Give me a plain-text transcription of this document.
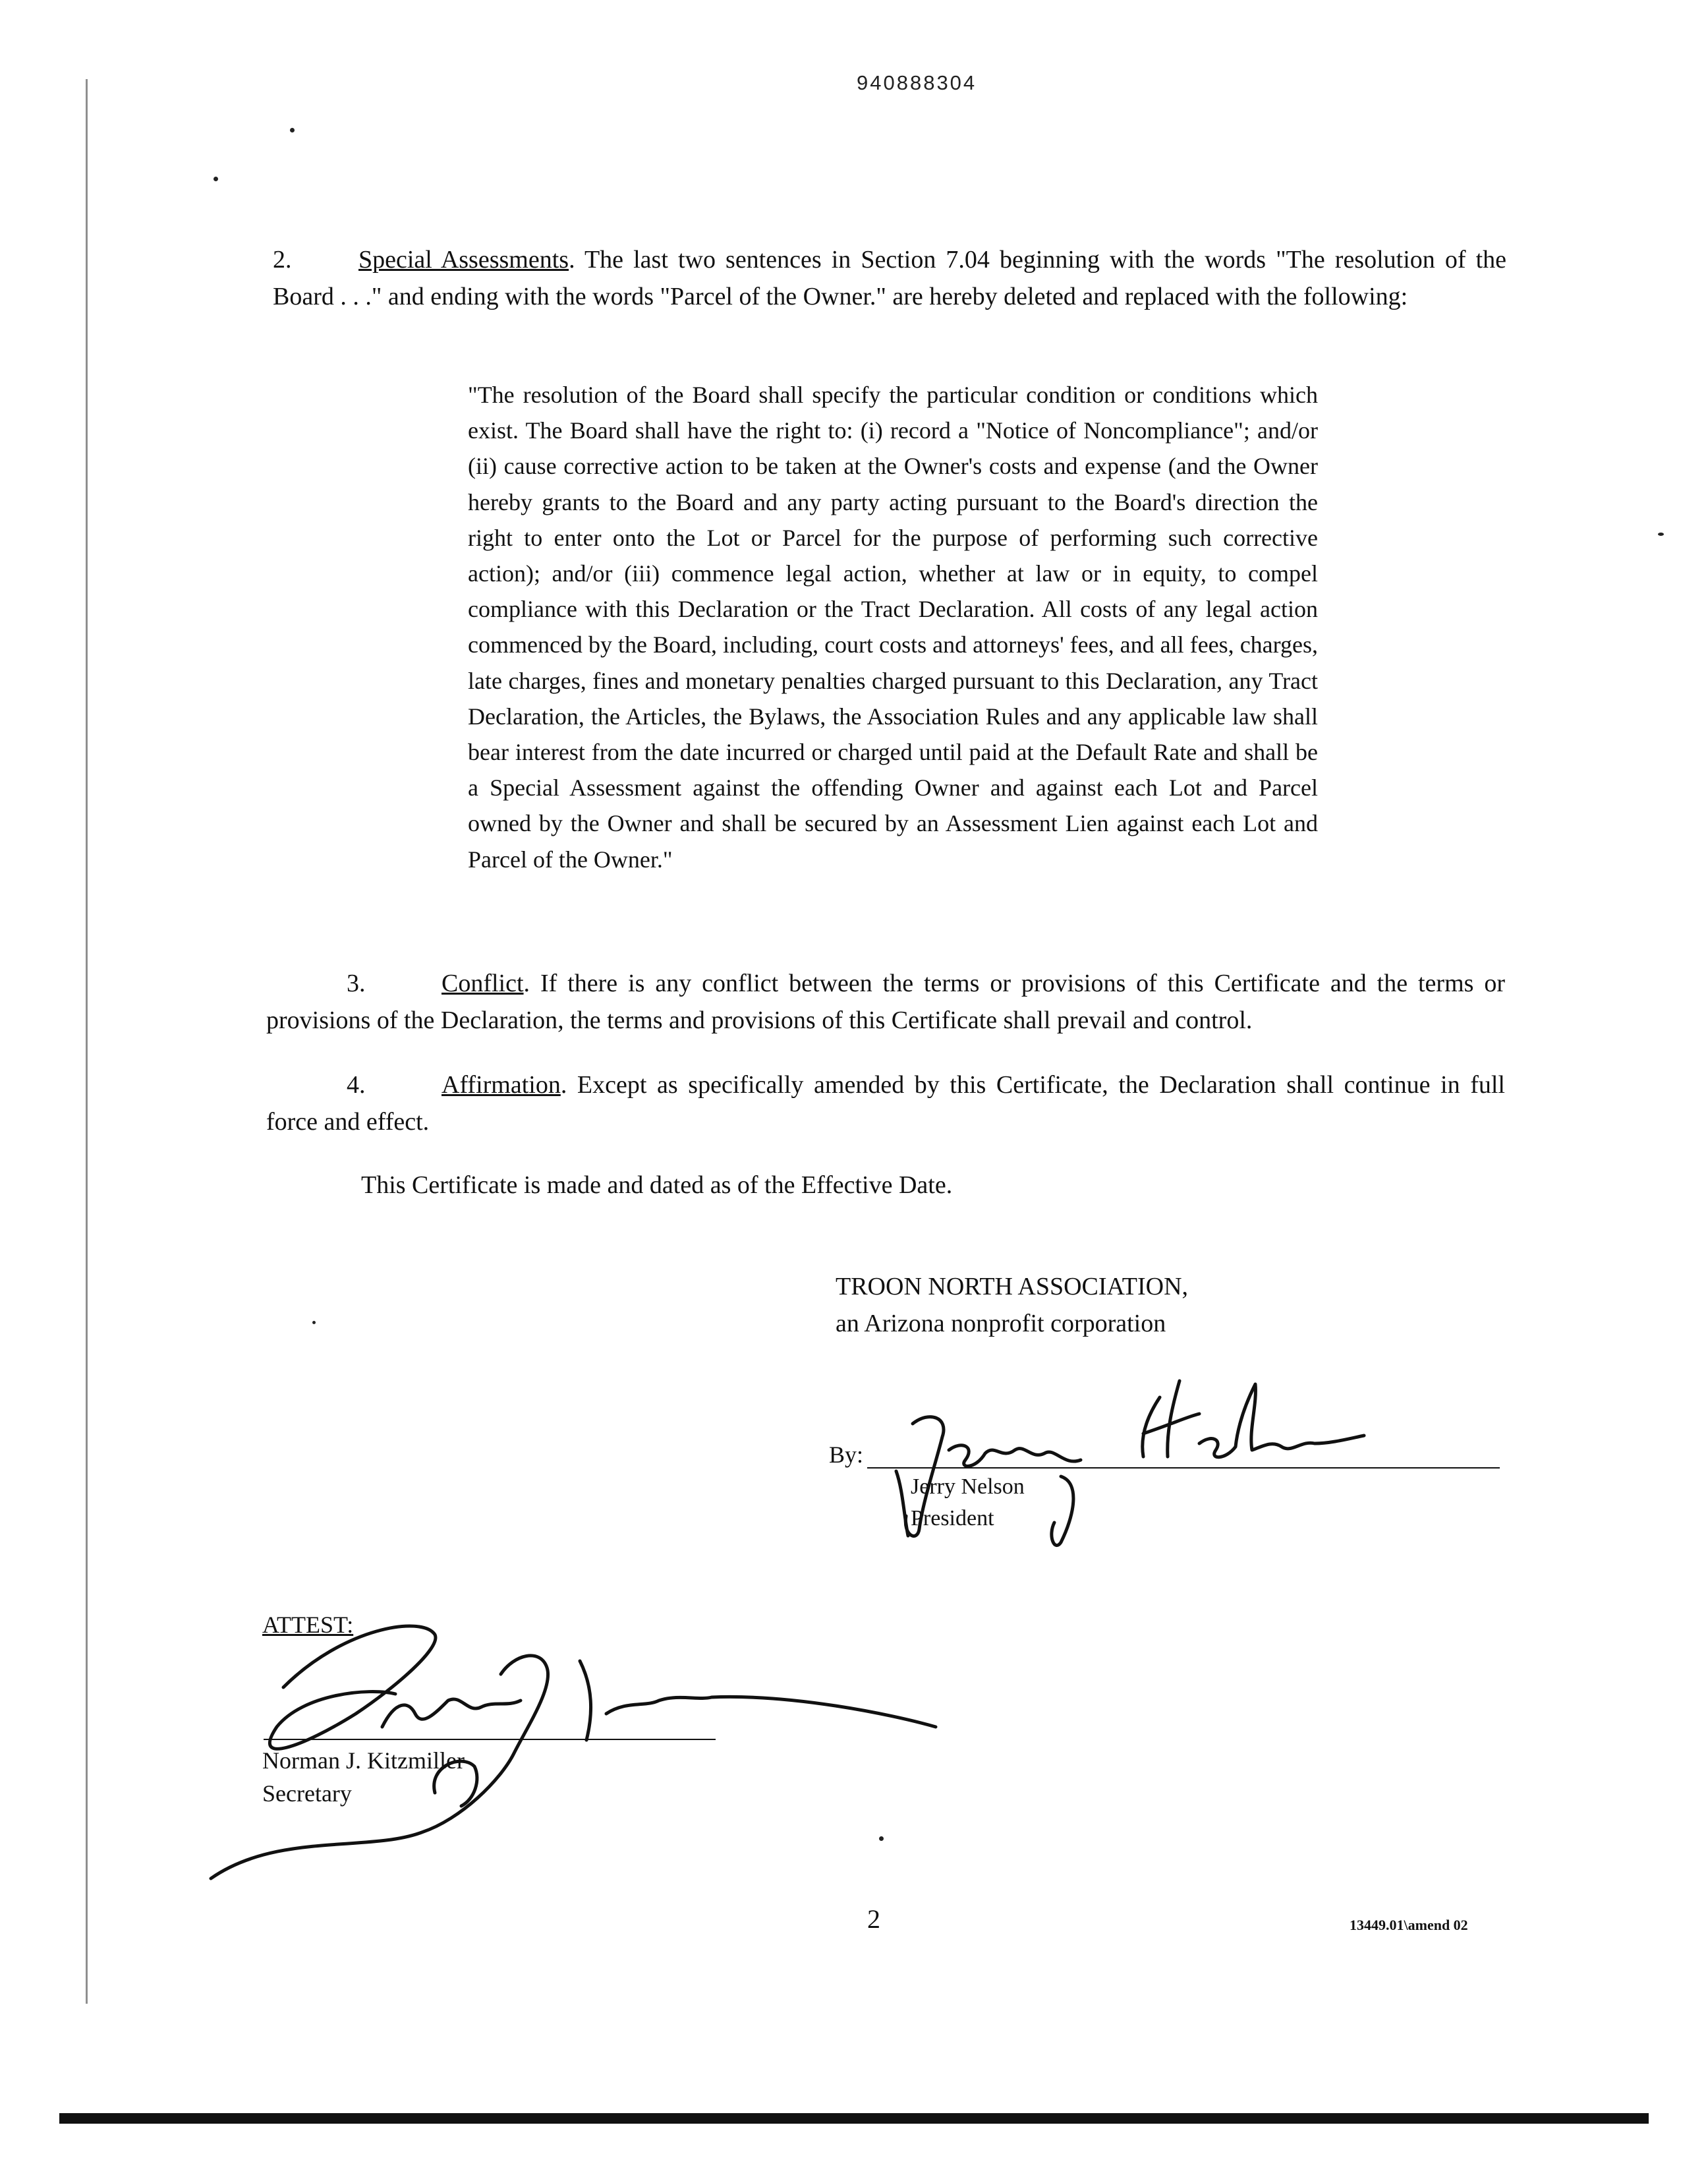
940888304
2.	Special Assessments. The last two sentences in Section 7.04 beginning with the words "The resolution of the Board . . ." and ending with the words "Parcel of the Owner." are hereby deleted and replaced with the following:
"The resolution of the Board shall specify the particular condition or conditions which exist. The Board shall have the right to: (i) record a "Notice of Noncompliance"; and/or (ii) cause corrective action to be taken at the Owner's costs and expense (and the Owner hereby grants to the Board and any party acting pursuant to the Board's direction the right to enter onto the Lot or Parcel for the purpose of performing such corrective action); and/or (iii) commence legal action, whether at law or in equity, to compel compliance with this Declaration or the Tract Declaration. All costs of any legal action commenced by the Board, including, court costs and attorneys' fees, and all fees, charges, late charges, fines and monetary penalties charged pursuant to this Declaration, any Tract Declaration, the Articles, the Bylaws, the Association Rules and any applicable law shall bear interest from the date incurred or charged until paid at the Default Rate and shall be a Special Assessment against the offending Owner and against each Lot and Parcel owned by the Owner and shall be secured by an Assessment Lien against each Lot and Parcel of the Owner."
3.	Conflict. If there is any conflict between the terms or provisions of this Certificate and the terms or provisions of the Declaration, the terms and provisions of this Certificate shall prevail and control.
4.	Affirmation. Except as specifically amended by this Certificate, the Declaration shall continue in full force and effect.
This Certificate is made and dated as of the Effective Date.
TROON NORTH ASSOCIATION,
an Arizona nonprofit corporation
By:
Jerry Nelson
President
ATTEST:
Norman J. Kitzmiller
Secretary
2	13449.01\amend 02
